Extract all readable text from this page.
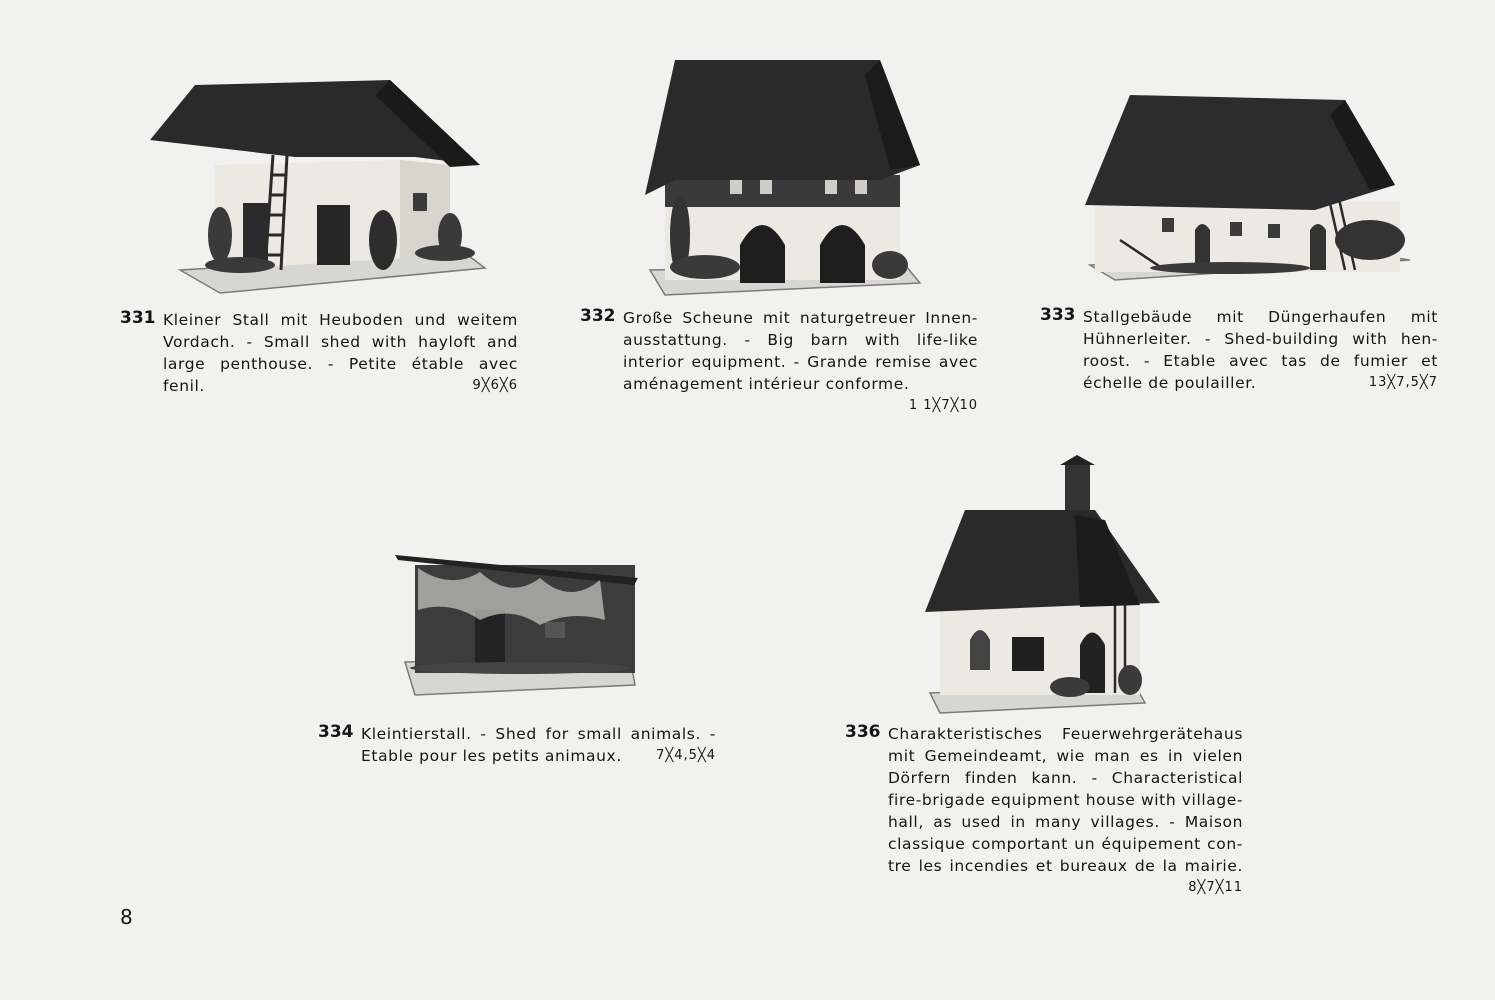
331 Kleiner Stall mit Heuboden und weitem
Vordach. - Small shed with hayloft and
large penthouse. - Petite étable avec
fenil.	9╳6╳6
332 Große Scheune mit naturgetreuer Innen-
ausstattung. - Big barn with life-like
interior equipment. - Grande remise avec
aménagement intérieur conforme.
1 1╳7╳10
333 Stallgebäude mit Düngerhaufen mit
Hühnerleiter. - Shed-building with hen-
roost. - Etable avec tas de fumier et
échelle de poulailler.	13╳7,5╳7
334 Kleintierstall. - Shed for small animals. -
Etable pour les petits animaux.	7╳4,5╳4
336 Charakteristisches Feuerwehrgerätehaus
mit Gemeindeamt, wie man es in vielen
Dörfern finden kann. - Characteristical
fire-brigade equipment house with village-
hall, as used in many villages. - Maison
classique comportant un équipement con-
tre les incendies et bureaux de la mairie.
8╳7╳11
8
